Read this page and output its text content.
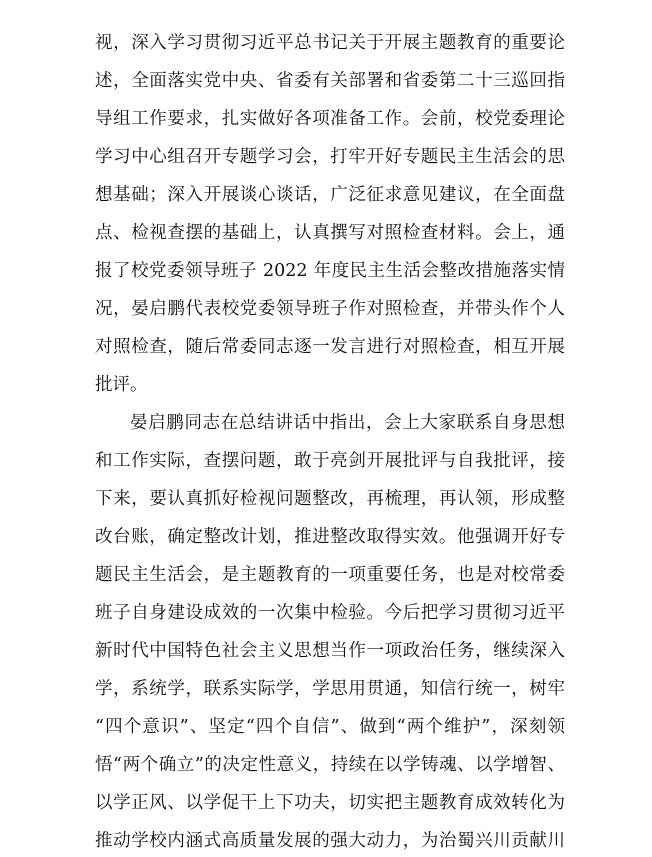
视，深入学习贯彻习近平总书记关于开展主题教育的重要论
述，全面落实党中央、省委有关部署和省委第二十三巡回指
导组工作要求，扎实做好各项准备工作。会前，校党委理论
学习中心组召开专题学习会，打牢开好专题民主生活会的思
想基础；深入开展谈心谈话，广泛征求意见建议，在全面盘
点、检视查摆的基础上，认真撰写对照检查材料。会上，通
报了校党委领导班子 2022 年度民主生活会整改措施落实情
况，晏启鹏代表校党委领导班子作对照检查，并带头作个人
对照检查，随后常委同志逐一发言进行对照检查，相互开展
批评。
晏启鹏同志在总结讲话中指出，会上大家联系自身思想
和工作实际，查摆问题，敢于亮剑开展批评与自我批评，接
下来，要认真抓好检视问题整改，再梳理，再认领，形成整
改台账，确定整改计划，推进整改取得实效。他强调开好专
题民主生活会，是主题教育的一项重要任务，也是对校常委
班子自身建设成效的一次集中检验。今后把学习贯彻习近平
新时代中国特色社会主义思想当作一项政治任务，继续深入
学，系统学，联系实际学，学思用贯通，知信行统一，树牢
“四个意识”、坚定“四个自信”、做到“两个维护”，深刻领
悟“两个确立”的决定性意义，持续在以学铸魂、以学增智、
以学正风、以学促干上下功夫，切实把主题教育成效转化为
推动学校内涵式高质量发展的强大动力，为治蜀兴川贡献川
